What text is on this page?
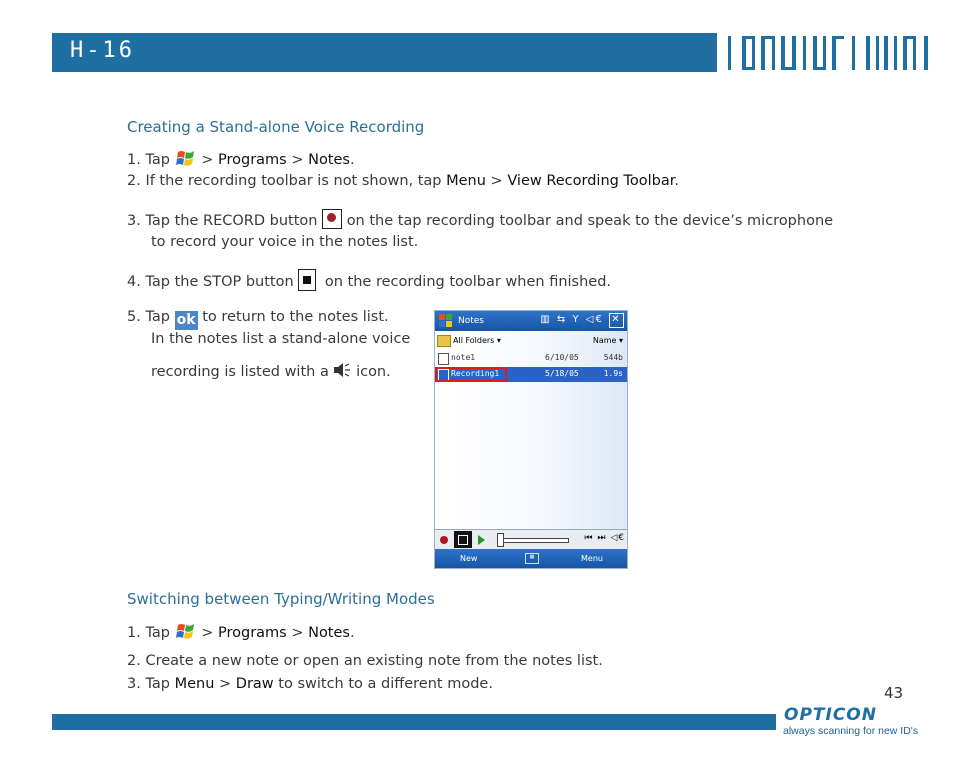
H-16
Creating a Stand-alone Voice Recording
1. Tap > Programs > Notes.
2. If the recording toolbar is not shown, tap Menu > View Recording Toolbar.
3. Tap the RECORD button on the tap recording toolbar and speak to the device’s microphone
to record your voice in the notes list.
4. Tap the STOP button on the recording toolbar when finished.
5. Tap ok to return to the notes list.
In the notes list a stand-alone voice
recording is listed with a icon.
Notes	▥ ⇆ Y ◁€ ✕
All Folders ▾	Name ▾
note1	6/10/05	544b
Recording1	5/18/05	1.9s
⏮ ⏭ ◁€
New	▦	Menu
Switching between Typing/Writing Modes
1. Tap > Programs > Notes.
2. Create a new note or open an existing note from the notes list.
3. Tap Menu > Draw to switch to a different mode.	43
OPTICON
always scanning for new ID's
